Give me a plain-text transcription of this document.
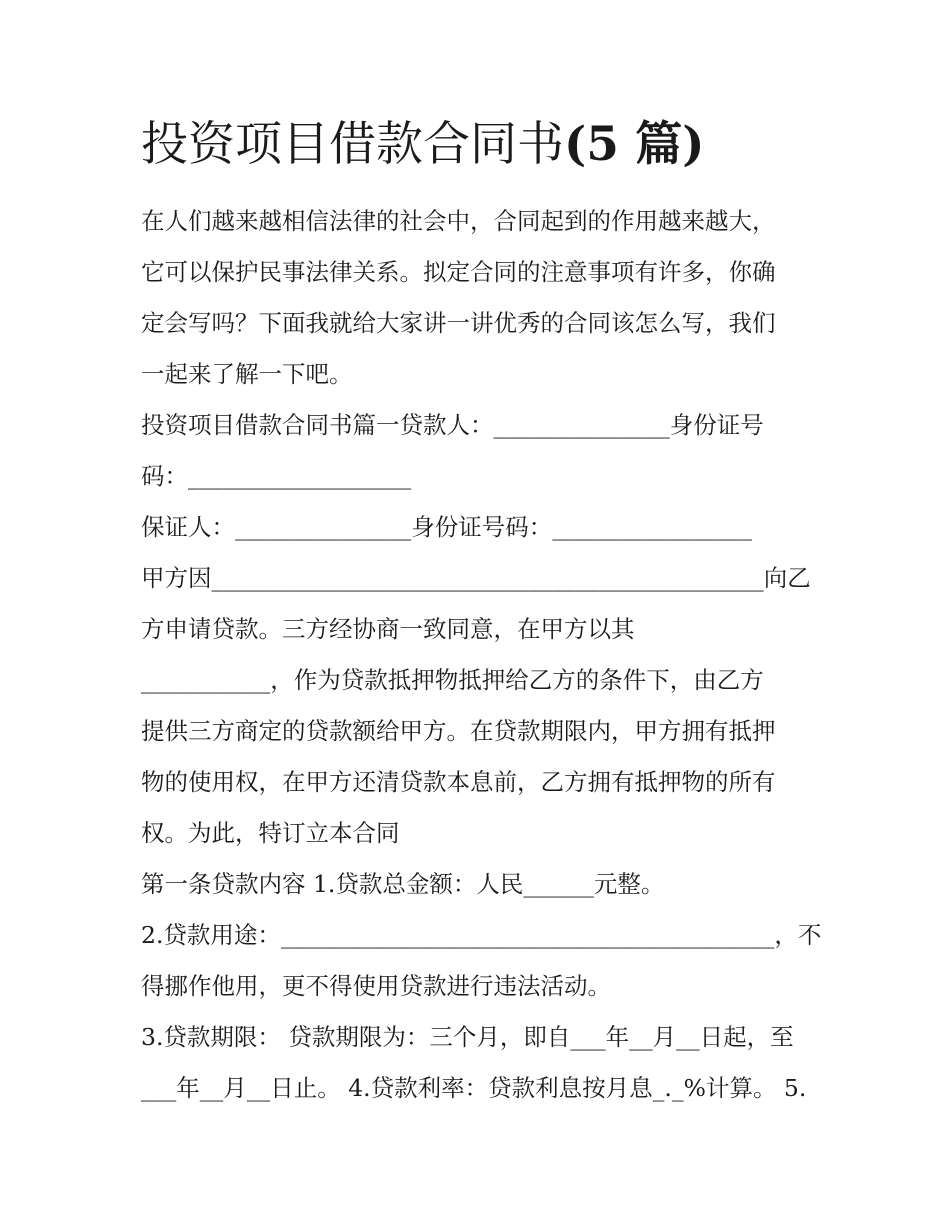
投资项目借款合同书(5 篇)

在人们越来越相信法律的社会中，合同起到的作用越来越大，

它可以保护民事法律关系。拟定合同的注意事项有许多，你确

定会写吗？下面我就给大家讲一讲优秀的合同该怎么写，我们

一起来了解一下吧。

投资项目借款合同书篇一贷款人：_______________身份证号

码：___________________

保证人：_______________身份证号码：_________________

甲方因_______________________________________________向乙

方申请贷款。三方经协商一致同意，在甲方以其

___________，作为贷款抵押物抵押给乙方的条件下，由乙方

提供三方商定的贷款额给甲方。在贷款期限内，甲方拥有抵押

物的使用权，在甲方还清贷款本息前，乙方拥有抵押物的所有

权。为此，特订立本合同

第一条贷款内容 1.贷款总金额：人民______元整。

2.贷款用途：__________________________________________，不

得挪作他用，更不得使用贷款进行违法活动。

3.贷款期限： 贷款期限为：三个月，即自___年__月__日起，至

___年__月__日止。 4.贷款利率：贷款利息按月息_._%计算。 5.
